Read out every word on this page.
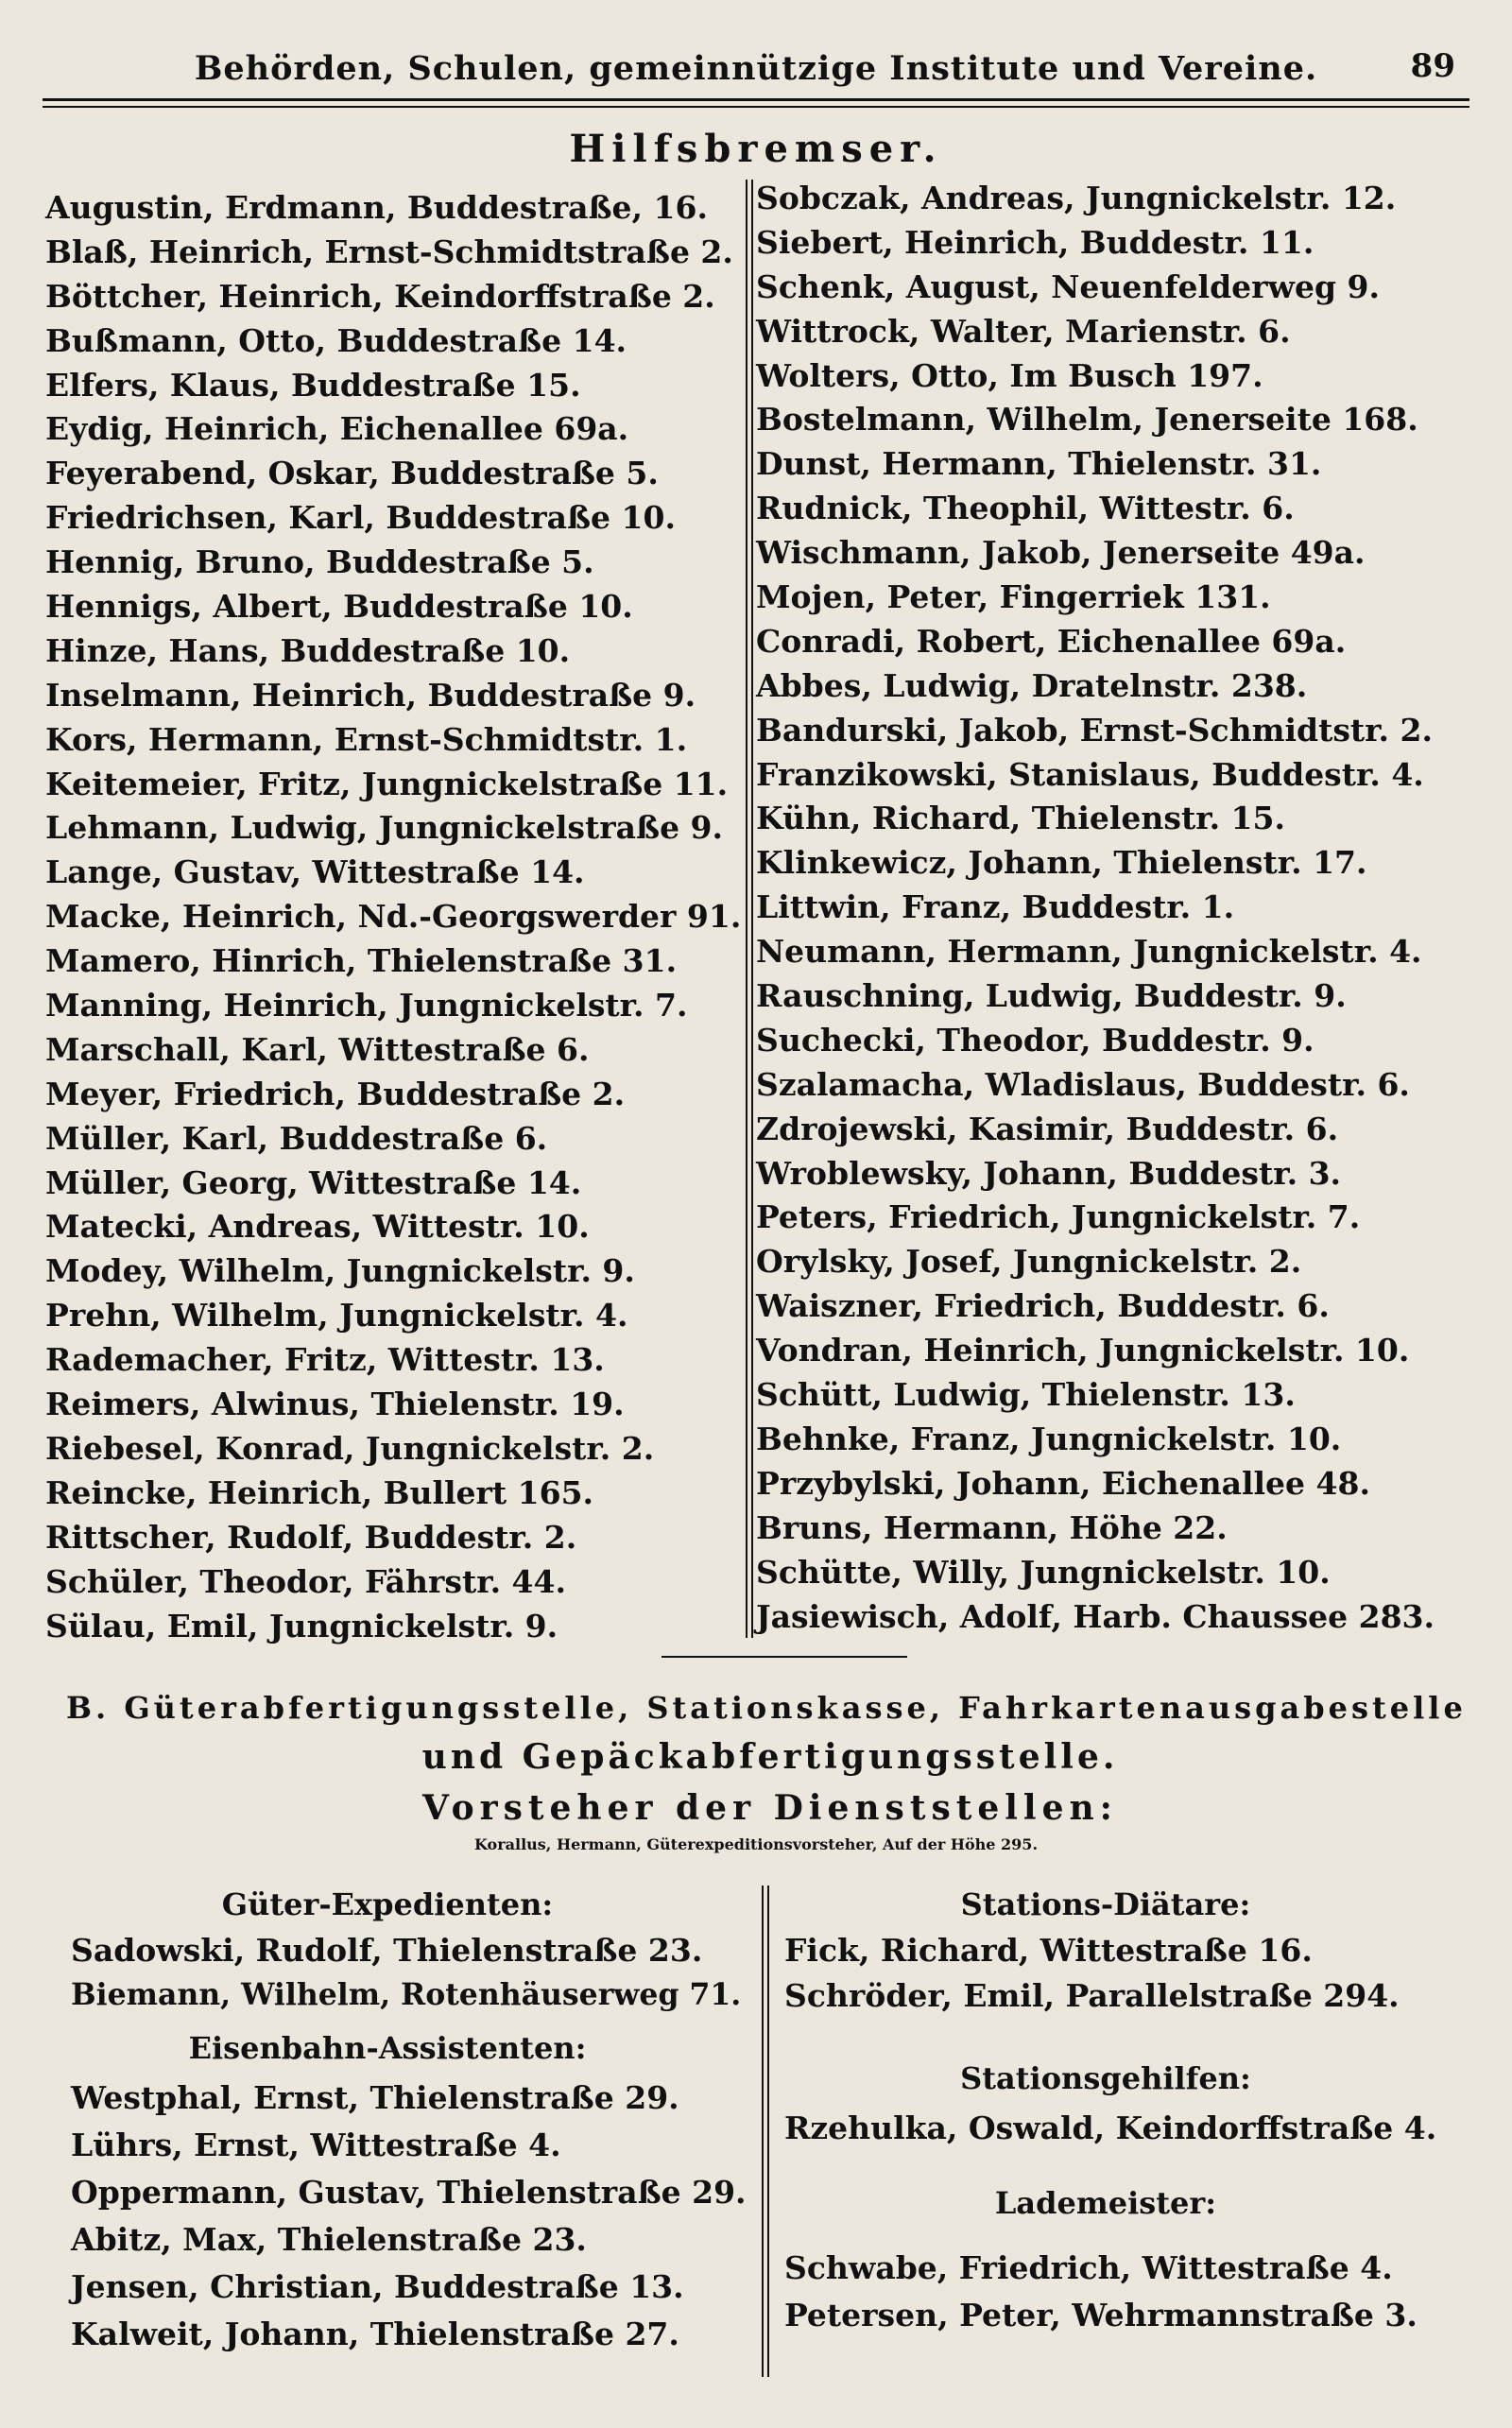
Behörden, Schulen, gemeinnützige Institute und Vereine.	89
Hilfsbremser.
Augustin, Erdmann, Buddestraße, 16.
Blaß, Heinrich, Ernst-Schmidtstraße 2.
Böttcher, Heinrich, Keindorffstraße 2.
Bußmann, Otto, Buddestraße 14.
Elfers, Klaus, Buddestraße 15.
Eydig, Heinrich, Eichenallee 69a.
Feyerabend, Oskar, Buddestraße 5.
Friedrichsen, Karl, Buddestraße 10.
Hennig, Bruno, Buddestraße 5.
Hennigs, Albert, Buddestraße 10.
Hinze, Hans, Buddestraße 10.
Inselmann, Heinrich, Buddestraße 9.
Kors, Hermann, Ernst-Schmidtstr. 1.
Keitemeier, Fritz, Jungnickelstraße 11.
Lehmann, Ludwig, Jungnickelstraße 9.
Lange, Gustav, Wittestraße 14.
Macke, Heinrich, Nd.-Georgswerder 91.
Mamero, Hinrich, Thielenstraße 31.
Manning, Heinrich, Jungnickelstr. 7.
Marschall, Karl, Wittestraße 6.
Meyer, Friedrich, Buddestraße 2.
Müller, Karl, Buddestraße 6.
Müller, Georg, Wittestraße 14.
Matecki, Andreas, Wittestr. 10.
Modey, Wilhelm, Jungnickelstr. 9.
Prehn, Wilhelm, Jungnickelstr. 4.
Rademacher, Fritz, Wittestr. 13.
Reimers, Alwinus, Thielenstr. 19.
Riebesel, Konrad, Jungnickelstr. 2.
Reincke, Heinrich, Bullert 165.
Rittscher, Rudolf, Buddestr. 2.
Schüler, Theodor, Fährstr. 44.
Sülau, Emil, Jungnickelstr. 9.
Sobczak, Andreas, Jungnickelstr. 12.
Siebert, Heinrich, Buddestr. 11.
Schenk, August, Neuenfelderweg 9.
Wittrock, Walter, Marienstr. 6.
Wolters, Otto, Im Busch 197.
Bostelmann, Wilhelm, Jenerseite 168.
Dunst, Hermann, Thielenstr. 31.
Rudnick, Theophil, Wittestr. 6.
Wischmann, Jakob, Jenerseite 49a.
Mojen, Peter, Fingerriek 131.
Conradi, Robert, Eichenallee 69a.
Abbes, Ludwig, Dratelnstr. 238.
Bandurski, Jakob, Ernst-Schmidtstr. 2.
Franzikowski, Stanislaus, Buddestr. 4.
Kühn, Richard, Thielenstr. 15.
Klinkewicz, Johann, Thielenstr. 17.
Littwin, Franz, Buddestr. 1.
Neumann, Hermann, Jungnickelstr. 4.
Rauschning, Ludwig, Buddestr. 9.
Suchecki, Theodor, Buddestr. 9.
Szalamacha, Wladislaus, Buddestr. 6.
Zdrojewski, Kasimir, Buddestr. 6.
Wroblewsky, Johann, Buddestr. 3.
Peters, Friedrich, Jungnickelstr. 7.
Orylsky, Josef, Jungnickelstr. 2.
Waiszner, Friedrich, Buddestr. 6.
Vondran, Heinrich, Jungnickelstr. 10.
Schütt, Ludwig, Thielenstr. 13.
Behnke, Franz, Jungnickelstr. 10.
Przybylski, Johann, Eichenallee 48.
Bruns, Hermann, Höhe 22.
Schütte, Willy, Jungnickelstr. 10.
Jasiewisch, Adolf, Harb. Chaussee 283.
B. Güterabfertigungsstelle, Stationskasse, Fahrkartenausgabestelle
und Gepäckabfertigungsstelle.
Vorsteher der Dienststellen:
Korallus, Hermann, Güterexpeditionsvorsteher, Auf der Höhe 295.
Güter-Expedienten:
Sadowski, Rudolf, Thielenstraße 23.
Biemann, Wilhelm, Rotenhäuserweg 71.
Eisenbahn-Assistenten:
Westphal, Ernst, Thielenstraße 29.
Lührs, Ernst, Wittestraße 4.
Oppermann, Gustav, Thielenstraße 29.
Abitz, Max, Thielenstraße 23.
Jensen, Christian, Buddestraße 13.
Kalweit, Johann, Thielenstraße 27.
Stations-Diätare:
Fick, Richard, Wittestraße 16.
Schröder, Emil, Parallelstraße 294.
Stationsgehilfen:
Rzehulka, Oswald, Keindorffstraße 4.
Lademeister:
Schwabe, Friedrich, Wittestraße 4.
Petersen, Peter, Wehrmannstraße 3.
